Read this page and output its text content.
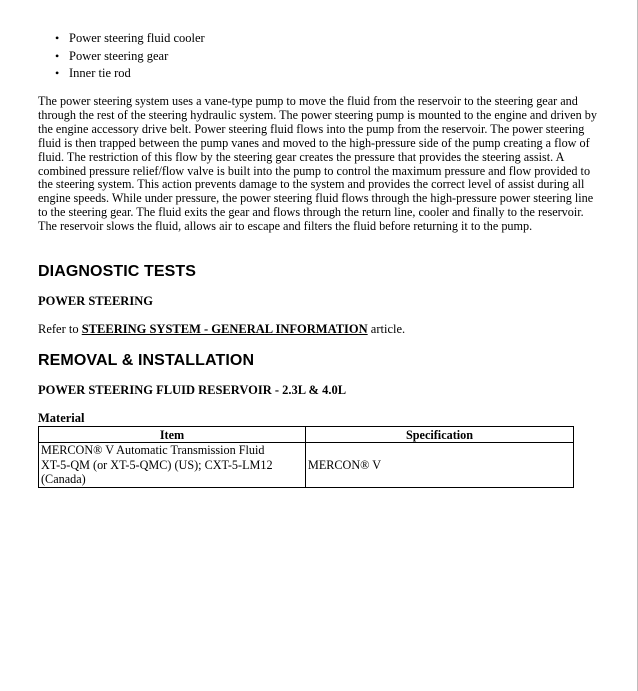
• Power steering fluid cooler
• Power steering gear
• Inner tie rod

The power steering system uses a vane-type pump to move the fluid from the reservoir to the steering gear and through the rest of the steering hydraulic system. The power steering pump is mounted to the engine and driven by the engine accessory drive belt. Power steering fluid flows into the pump from the reservoir. The power steering fluid is then trapped between the pump vanes and moved to the high-pressure side of the pump creating a flow of fluid. The restriction of this flow by the steering gear creates the pressure that provides the steering assist. A combined pressure relief/flow valve is built into the pump to control the maximum pressure and flow provided to the steering system. This action prevents damage to the system and provides the correct level of assist during all engine speeds. While under pressure, the power steering fluid flows through the high-pressure power steering line to the steering gear. The fluid exits the gear and flows through the return line, cooler and finally to the reservoir. The reservoir slows the fluid, allows air to escape and filters the fluid before returning it to the pump.

DIAGNOSTIC TESTS
POWER STEERING

Refer to STEERING SYSTEM - GENERAL INFORMATION article.

REMOVAL & INSTALLATION
POWER STEERING FLUID RESERVOIR - 2.3L & 4.0L

Material

Item	Specification
MERCON® V Automatic Transmission Fluid
XT-5-QM (or XT-5-QMC) (US); CXT-5-LM12
(Canada)	MERCON® V
